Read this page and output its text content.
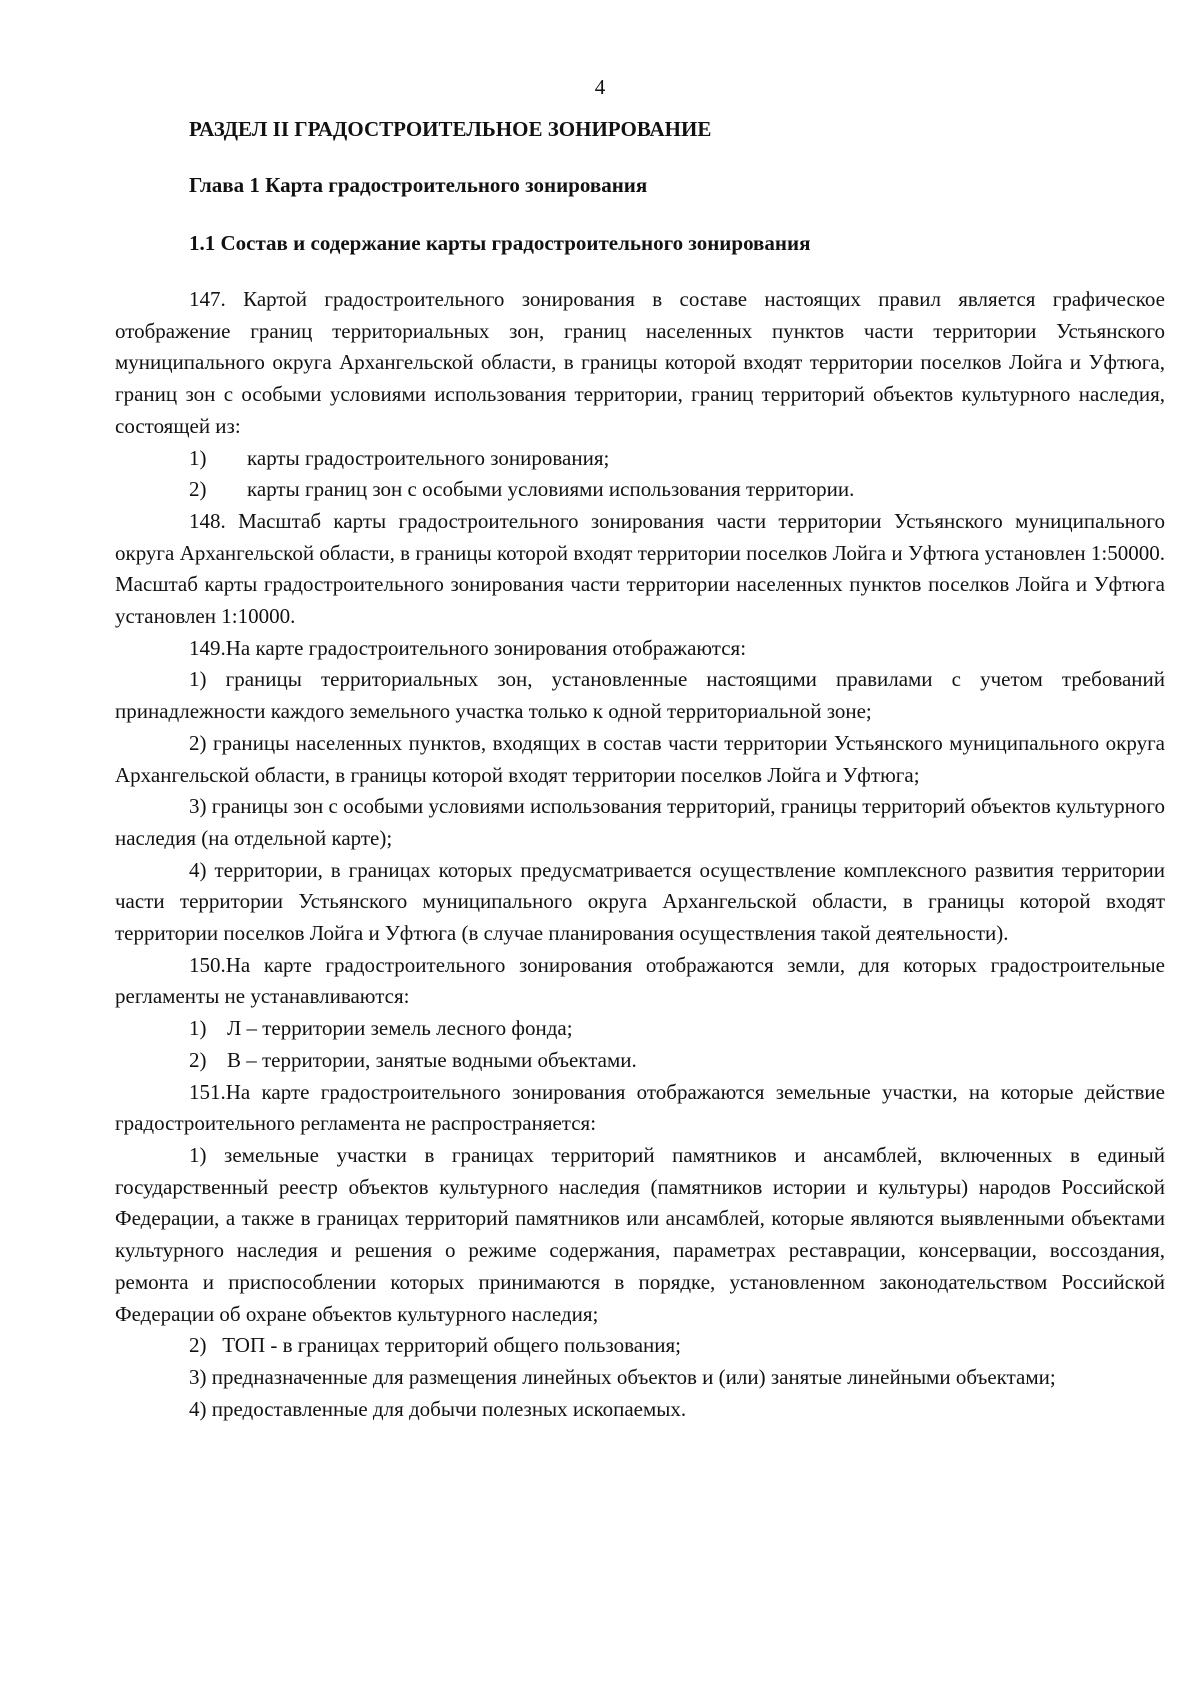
4
РАЗДЕЛ II ГРАДОСТРОИТЕЛЬНОЕ ЗОНИРОВАНИЕ
Глава 1 Карта градостроительного зонирования
1.1 Состав и содержание карты градостроительного зонирования

147. Картой градостроительного зонирования в составе настоящих правил является графическое отображение границ территориальных зон, границ населенных пунктов части территории Устьянского муниципального округа Архангельской области, в границы которой входят территории поселков Лойга и Уфтюга, границ зон с особыми условиями использования территории, границ территорий объектов культурного наследия, состоящей из:

1) карты градостроительного зонирования;

2) карты границ зон с особыми условиями использования территории.

148. Масштаб карты градостроительного зонирования части территории Устьянского муниципального округа Архангельской области, в границы которой входят территории поселков Лойга и Уфтюга установлен 1:50000. Масштаб карты градостроительного зонирования части территории населенных пунктов поселков Лойга и Уфтюга установлен 1:10000.

149.На карте градостроительного зонирования отображаются:

1) границы территориальных зон, установленные настоящими правилами с учетом требований принадлежности каждого земельного участка только к одной территориальной зоне;

2) границы населенных пунктов, входящих в состав части территории Устьянского муниципального округа Архангельской области, в границы которой входят территории поселков Лойга и Уфтюга;

3) границы зон с особыми условиями использования территорий, границы территорий объектов культурного наследия (на отдельной карте);

4) территории, в границах которых предусматривается осуществление комплексного развития территории части территории Устьянского муниципального округа Архангельской области, в границы которой входят территории поселков Лойга и Уфтюга (в случае планирования осуществления такой деятельности).

150.На карте градостроительного зонирования отображаются земли, для которых градостроительные регламенты не устанавливаются:

1) Л – территории земель лесного фонда;

2) В – территории, занятые водными объектами.

151.На карте градостроительного зонирования отображаются земельные участки, на которые действие градостроительного регламента не распространяется:

1) земельные участки в границах территорий памятников и ансамблей, включенных в единый государственный реестр объектов культурного наследия (памятников истории и культуры) народов Российской Федерации, а также в границах территорий памятников или ансамблей, которые являются выявленными объектами культурного наследия и решения о режиме содержания, параметрах реставрации, консервации, воссоздания, ремонта и приспособлении которых принимаются в порядке, установленном законодательством Российской Федерации об охране объектов культурного наследия;

2)   ТОП - в границах территорий общего пользования;

3) предназначенные для размещения линейных объектов и (или) занятые линейными объектами;

4) предоставленные для добычи полезных ископаемых.
